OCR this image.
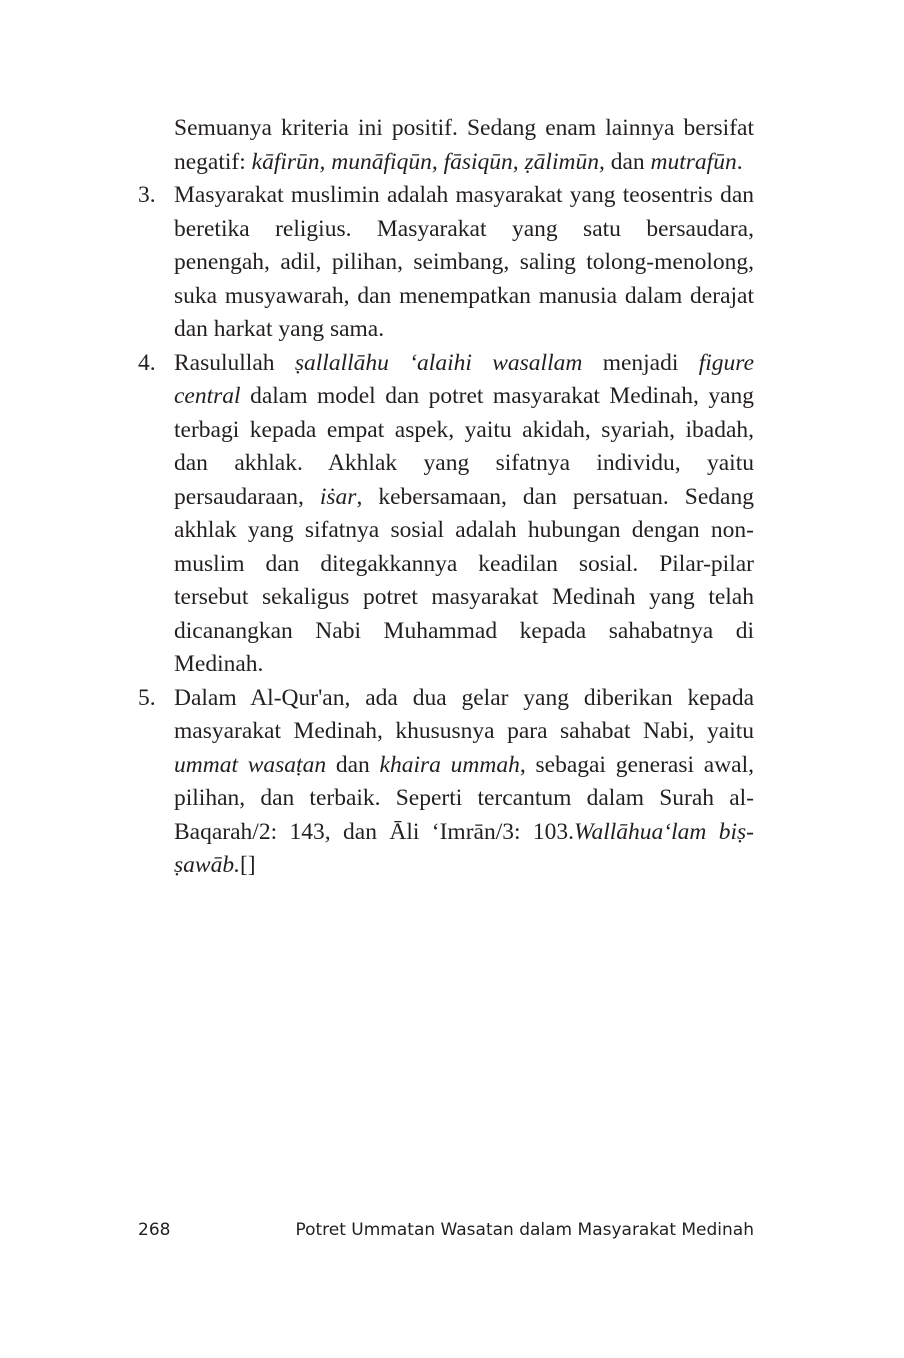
Semuanya kriteria ini positif. Sedang enam lainnya bersifat negatif: kāfirūn, munāfiqūn, fāsiqūn, ẓālimūn, dan mutrafūn.
3. Masyarakat muslimin adalah masyarakat yang teosentris dan beretika religius. Masyarakat yang satu bersaudara, penengah, adil, pilihan, seimbang, saling tolong-menolong, suka musyawarah, dan menempatkan manusia dalam derajat dan harkat yang sama.
4. Rasulullah ṣallallāhu ‘alaihi wasallam menjadi figure central dalam model dan potret masyarakat Medinah, yang terbagi kepada empat aspek, yaitu akidah, syariah, ibadah, dan akhlak. Akhlak yang sifatnya individu, yaitu persaudaraan, iṡar, kebersamaan, dan persatuan. Sedang akhlak yang sifatnya sosial adalah hubungan dengan non-muslim dan ditegakkannya keadilan sosial. Pilar-pilar tersebut sekaligus potret masyarakat Medinah yang telah dicanangkan Nabi Muhammad kepada sahabatnya di Medinah.
5. Dalam Al-Qur'an, ada dua gelar yang diberikan kepada masyarakat Medinah, khususnya para sahabat Nabi, yaitu ummat wasaṭan dan khaira ummah, sebagai generasi awal, pilihan, dan terbaik. Seperti tercantum dalam Surah al-Baqarah/2: 143, dan Āli ‘Imrān/3: 103.Wallāhua‘lam biṣ-ṣawāb.[]
268	Potret Ummatan Wasatan dalam Masyarakat Medinah
